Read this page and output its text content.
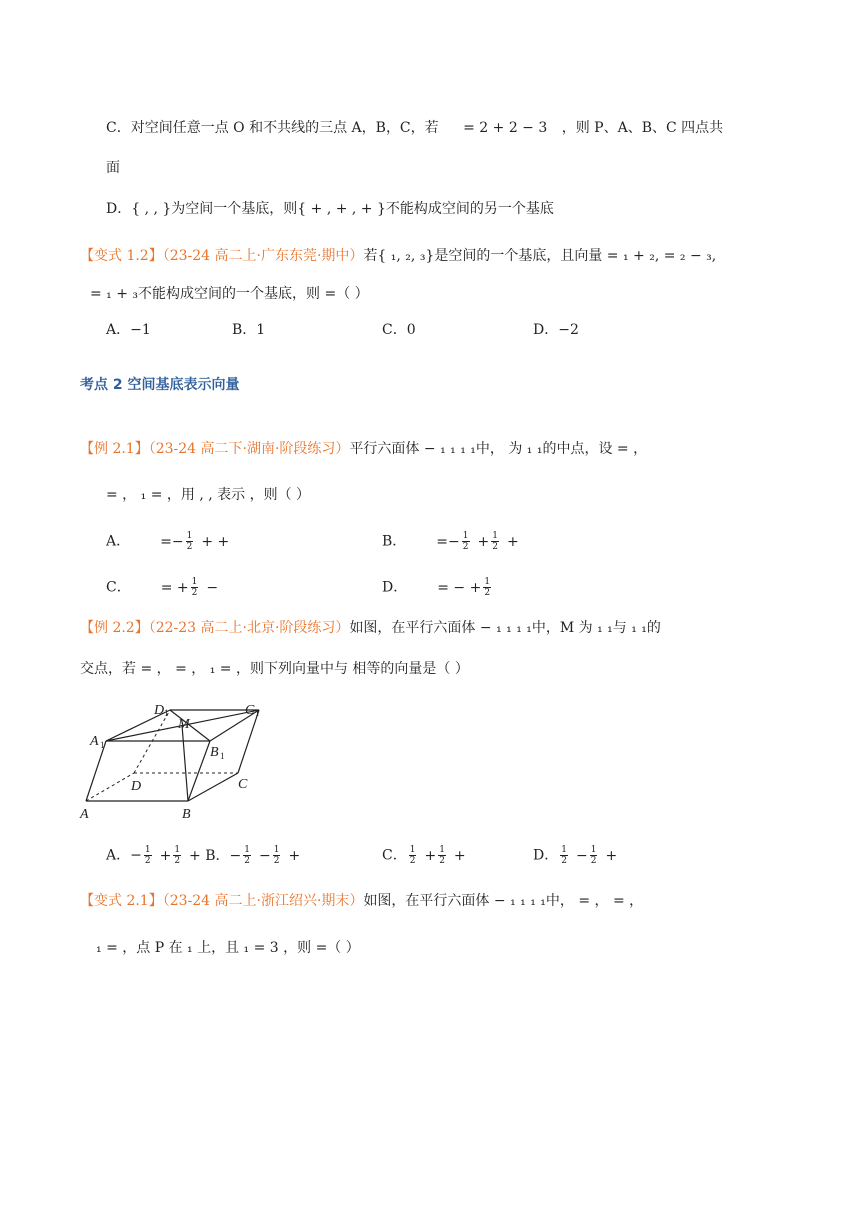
C．对空间任意一点 O 和不共线的三点 A，B，C，若 = 2 + 2 − 3 ，则 P、A、B、C 四点共
面
D．{ , , }为空间一个基底，则{ + , + , + }不能构成空间的另一个基底
【变式 1.2】（23-24 高二上·广东东莞·期中）若{ ₁, ₂, ₃}是空间的一个基底，且向量 = ₁ + ₂, = ₂ − ₃,
= ₁ + ₃不能构成空间的一个基底，则 =（ ）
A．−1	B．1	C．0	D．−2
考点 2 空间基底表示向量
【例 2.1】（23-24 高二下·湖南·阶段练习）平行六面体 − ₁ ₁ ₁ ₁中， 为 ₁ ₁的中点，设 = ，
= ， ₁ = ，用 , , 表示 ，则（ ）
A． =− $\frac{1}{2}$ + +	B． =− $\frac{1}{2} + \frac{1}{2}$ +
C． = + $\frac{1}{2}$ −	D． = − + $\frac{1}{2}$
【例 2.2】（22-23 高二上·北京·阶段练习）如图，在平行六面体 − ₁ ₁ ₁ ₁中，M 为 ₁ ₁与 ₁ ₁的
交点，若 = ， = ， ₁ = ，则下列向量中与 相等的向量是（ ）
D 1
M
C 1
A 1	B 1
D	C
A	B
A．− $\frac{1}{2} + \frac{1}{2} + B$．− $\frac{1}{2} - \frac{1}{2}$ +	C． $\frac{1}{2} + \frac{1}{2}$ +	D． $\frac{1}{2} - \frac{1}{2}$ +
【变式 2.1】（23-24 高二上·浙江绍兴·期末）如图，在平行六面体 − ₁ ₁ ₁ ₁中， = ， = ，
₁ = ，点 P 在 ₁ 上，且 ₁ = 3 ，则 =（ ）
